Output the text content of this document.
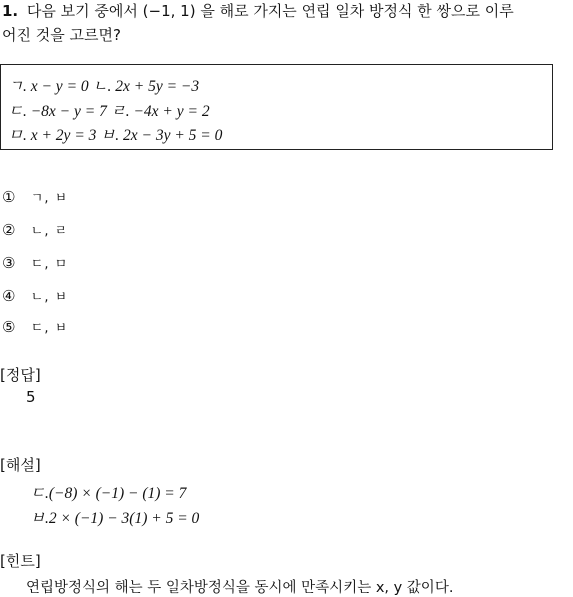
1. 다음 보기 중에서 (−1, 1) 을 해로 가지는 연립 일차 방정식 한 쌍으로 이루
어진 것을 고르면?
ㄱ. x − y = 0 ㄴ. 2x + 5y = −3
ㄷ. −8x − y = 7 ㄹ. −4x + y = 2
ㅁ. x + 2y = 3 ㅂ. 2x − 3y + 5 = 0
① ㄱ, ㅂ
② ㄴ, ㄹ
③ ㄷ, ㅁ
④ ㄴ, ㅂ
⑤ ㄷ, ㅂ
[정답]
5
[해설]
ㄷ.(−8) × (−1) − (1) = 7
ㅂ.2 × (−1) − 3(1) + 5 = 0
[힌트]
연립방정식의 해는 두 일차방정식을 동시에 만족시키는 x, y 값이다.
